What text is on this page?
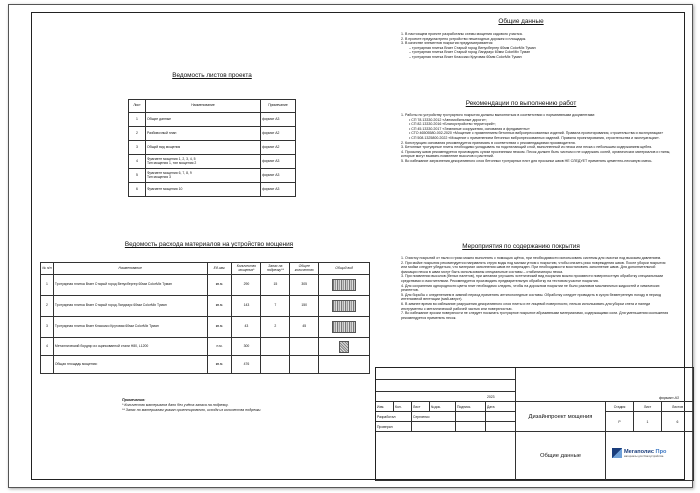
Ведомость листов проекта
Лист	Наименование	Примечание
1	Общие данные	формат А3
2	Разбивочный план	формат А2
3	Общий вид мощения	формат А2
4	Фрагмент мощения 1, 2, 3, 4, 5
Тип мощения 1, тип мощения 2	формат А3
5	Фрагмент мощения 6, 7, 8, 9
Тип мощения 3	формат А3
6	Фрагмент мощения 10	формат А3
Ведомость расхода материалов на устройство мощения
№ п/п	Наименование	Ед.изм.	Количество мощения*	Запас на подрезку**	Общее количество	Общий вид
1	Тротуарная плитка Braer Старый город Венусбергер 60мм ColorMix Туман	кв.м.	290	15	305	

2	Тротуарная плитка Braer Старый город Ландхаус 60мм ColorMix Туман	кв.м.	143	7	150	

3	Тротуарная плитка Braer Классико Круговая 60мм ColorMix Туман	кв.м.	43	2	45	

4	Металлический бордюр из оцинкованной стали Н80, L1200	п.м.	300			

	Общая площадь мощения:	кв.м.	476			
Примечания:
* Количество материалов дано без учёта запаса на подрезку.
** Запас по материалам указан ориентировочно, исходя из количества подрезки.
Общие данные
1. В настоящем проекте разработаны схемы мощения садового участка.
2. В проекте предусмотрено устройство пешеходных дорожек и площадок.
3. В качестве элементов покрытия предусматривается:
– тротуарная плитка Braer Старый город Венусбергер 60мм ColorMix Туман
– тротуарная плитка Braer Старый город Ландхаус 60мм ColorMix Туман
– тротуарная плитка Braer Классико Круговая 60мм ColorMix Туман
Рекомендации по выполнению работ
1. Работы по устройству тротуарного покрытия должны выполняться в соответствии с нормативными документами:
• СП 78.13330.2012 «Автомобильные дороги»;
• СП 82.13330.2016 «Благоустройство территорий»;
• СП 45.13330.2017 «Земляные сооружения, основания и фундаменты»
• СТО 46505580-002-2020 «Мощение с применением бетонных вибропрессованных изделий. Правила проектирования, строительства и эксплуатации»
• СП 508.1325800.2022 «Мощение с применением бетонных вибропрессованных изделий. Правила проектирования, строительства и эксплуатации».
2. Конструкцию основания рекомендуется принимать в соответствии с рекомендациями производителя.
3. Бетонные тротуарные плиты необходимо укладывать на подстилающий слой, выполненный из песка или песка с небольшим содержанием щебня.
4. Просыпку швов рекомендуется производить сухим просеянным песком. Песок должен быть чистым и не содержать солей, органических материалов и глины, которые могут вызвать появление высолов и растений.
5. Во избежание загрязнения декоративного слоя бетонных тротуарных плит для просыпки швов НЕ СЛЕДУЕТ применять цементно-песчаную смесь.
Мероприятия по содержанию покрытия
1. Очистку покрытий от пыли и грязи можно выполнять с помощью щёток, при необходимости использовать системы для очистки под высоким давлением.
2. При мойке покрытия рекомендуется направлять струю воды под малым углом к покрытию, чтобы снизить риск повреждения швов. После уборки покрытия или мойки следует убедиться, что материал заполнения швов не поврежден. При необходимости восстановить заполнение швов. Для дополнительной фиксации песка в швах могут быть использованы специальные составы – стабилизаторы песка.
3. При появлении высолов (белых налетов), при желании улучшить эстетический вид покрытия можно произвести поверхностную обработку специальными средствами и очистителями. Рекомендуется производить предварительную обработку на тестовом участке покрытия.
4. Для сохранения однородности цвета плит необходимо следить, чтобы на дорожном покрытии не было разливов масляничных жидкостей и химических реагентов.
5. Для борьбы с оледенением в зимний период применять антигололедные составы. Обработку следует проводить в сухую безветренную погоду в период интенсивной вегетации (май-август).
6. В зимнее время во избежание разрушения декоративного слоя плиты и ее лицевой поверхности, нельзя использовать для уборки снега и наледи инструменты с металлической рабочей частью или поверхностью.
7. Во избежание эрозии поверхности не следует посыпать тротуарное покрытие абразивными материалами, содержащими соли. Для уменьшения скольжения рекомендуется применять песок.
формат А3
2023
Изм.	Кол.	Лист	№док.	Подпись	Дата
Разработал	Сергиенко
Проверил
Дизайнпроект мощения
Общие данные
Стадия	Лист	Листов
Р	1	6
Мегаполис Про
материалы для благоустройства
